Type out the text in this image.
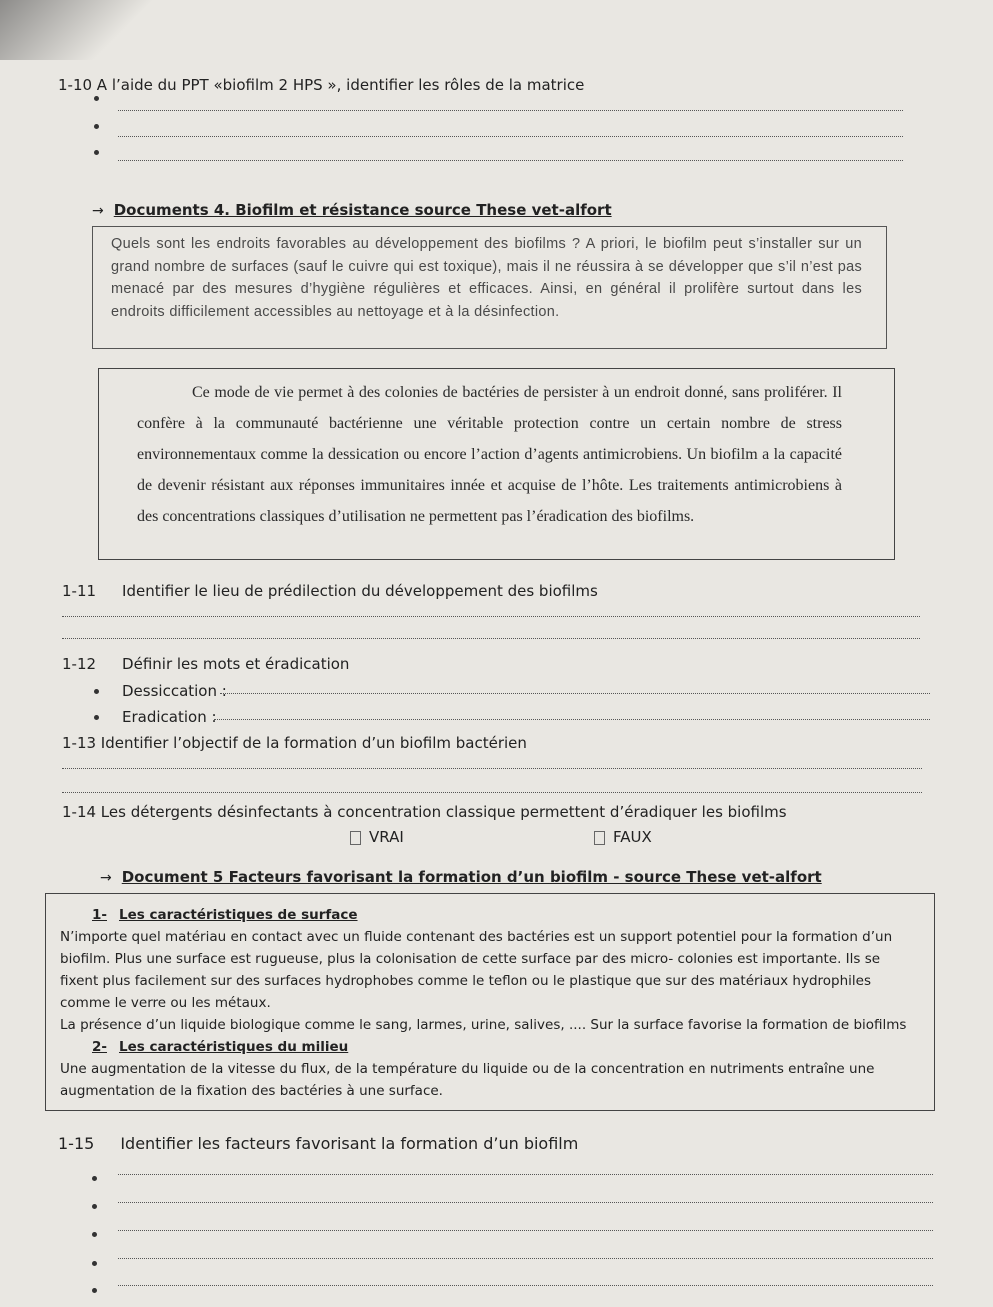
1-10 A l’aide du PPT «biofilm 2 HPS », identifier les rôles de la matrice
→ Documents 4. Biofilm et résistance source These vet-alfort
Quels sont les endroits favorables au développement des biofilms ? A priori, le biofilm peut s’installer sur un grand nombre de surfaces (sauf le cuivre qui est toxique), mais il ne réussira à se développer que s’il n’est pas menacé par des mesures d’hygiène régulières et efficaces. Ainsi, en général il prolifère surtout dans les endroits difficilement accessibles au nettoyage et à la désinfection.
Ce mode de vie permet à des colonies de bactéries de persister à un endroit donné, sans proliférer. Il confère à la communauté bactérienne une véritable protection contre un certain nombre de stress environnementaux comme la dessication ou encore l’action d’agents antimicrobiens. Un biofilm a la capacité de devenir résistant aux réponses immunitaires innée et acquise de l’hôte. Les traitements antimicrobiens à des concentrations classiques d’utilisation ne permettent pas l’éradication des biofilms.
1-11 Identifier le lieu de prédilection du développement des biofilms
1-12 Définir les mots et éradication
Dessiccation :
Eradication :
1-13 Identifier l’objectif de la formation d’un biofilm bactérien
1-14 Les détergents désinfectants à concentration classique permettent d’éradiquer les biofilms
VRAI	FAUX
→ Document 5 Facteurs favorisant la formation d’un biofilm - source These vet-alfort
1- Les caractéristiques de surface
N’importe quel matériau en contact avec un fluide contenant des bactéries est un support potentiel pour la formation d’un biofilm. Plus une surface est rugueuse, plus la colonisation de cette surface par des micro- colonies est importante. Ils se fixent plus facilement sur des surfaces hydrophobes comme le teflon ou le plastique que sur des matériaux hydrophiles comme le verre ou les métaux.
La présence d’un liquide biologique comme le sang, larmes, urine, salives, .... Sur la surface favorise la formation de biofilms
2- Les caractéristiques du milieu
Une augmentation de la vitesse du flux, de la température du liquide ou de la concentration en nutriments entraîne une augmentation de la fixation des bactéries à une surface.
1-15 Identifier les facteurs favorisant la formation d’un biofilm
